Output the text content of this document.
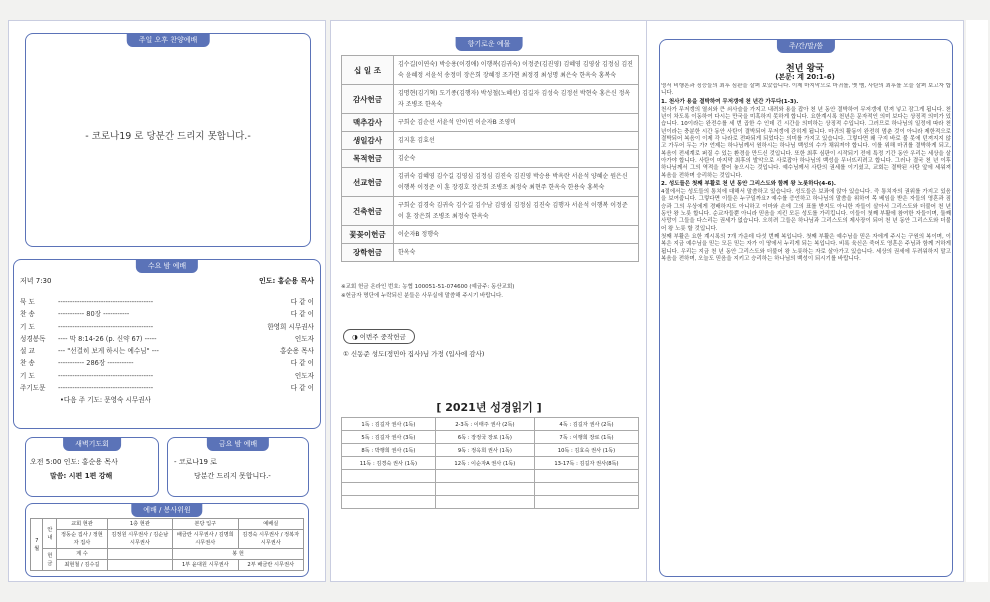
주일 오후 찬양예배
- 코로나19 로 당분간 드리지 못합니다.-
수요 밤 예배
저녁 7:30	인도: 홍순용 목사
묵 도	----------------------------------------	다 같 이
찬 송	----------- 80장 -----------	다 같 이
기 도	----------------------------------------	한영희 시무권사
성경봉독	---- 막 8:14-26 (p. 신약 67) -----	인도자
설 교	--- "선결히 보게 하시는 예수님" ---	홍순용 목사
찬 송	----------- 286장 -----------	다 같 이
기 도	----------------------------------------	인도자
주기도문	----------------------------------------	다 같 이
•다음 주 기도: 문영숙 시무권사
새벽기도회
오전 5:00 인도: 홍순용 목사
말씀: 시편 1편 강해
금요 밤 예배
- 코로나19 로
당분간 드리지 못합니다.-
예배 / 봉사위원
7월	안내	교회 현관	1층 현관	본당 입구	예배실
		정동순 집사 / 정현자 집사	김정원 시무권사 / 김순남 시무권사	배금란 시무권사 / 김명희 시무권사	김경숙 시무권사 / 정복자 시무권사
	헌금	계 수		봉 헌	
		최현철 / 김수길		1부 윤대원 시무권사	2부 배금란 시무권사
향기로운 예물
십 일 조	김수길(이연숙) 박승용(이경애) 이행복(김귀숙) 이정준(김진영) 김혜영 김영삼 김정심 김진숙 윤혜정 서윤석 송정미 장은희 장혜정 조가현 최정경 최성명 최은숙 한옥숙 홍복숙
감사헌금	김명현(김기혁) 도기종(김행자) 박성철(노혜선) 김길자 김성숙 김정선 박현숙 홍은신 정옥자 조병조 한옥숙
맥추감사	구희순 김순선 서윤석 안이연 이순자B 조영미
생일감사	김지훈 김효선
목적헌금	김순숙
선교헌금	김귀숙 김혜영 김수길 김영심 김정심 김진숙 김진영 박승용 박옥란 서윤석 양혜순 원은신 이행복 이정준 이 훈 장경호 장은희 조병조 최정숙 최현주 한옥숙 한용숙 홍복숙
건축헌금	구희순 김경숙 김귀숙 김수길 김수남 김영심 김정심 김진숙 김행자 서윤석 이행복 이정준 이 훈 장은희 조병조 최정숙 한옥숙
꽃꽂이헌금	이순자B 정행숙
장학헌금	한옥숙
※교회 헌금 온라인 번호: 농협 100051-51-074600 (예금주: 동산교회)
※헌금자 명단에 누락되신 분들은 사무실에 말씀해 주시기 바랍니다.
◑ 이번주 중작헌금
① 신동준 성도(정민아 집사)님 가정 (입사에 감사)
[ 2021년 성경읽기 ]
1독 : 김길자 권사 (1독)	2-3독 : 이태주 권사 (2독)	4독 : 김길자 권사 (2독)
5독 : 김길자 권사 (3독)	6독 : 장정국 장로 (1독)	7독 : 이행희 장로 (1독)
8독 : 박행희 권사 (1독)	9독 : 정옥희 권사 (1독)	10독 : 김효숙 권사 (1독)
11독 : 김경숙 권사 (1독)	12독 : 이순자A 권사 (1독)	13-17독 : 김길자 권사(8독)

주/간/말/씀
천년 왕국
(본문: 계 20:1-6)

영서 비행론과 징승들의 최후 심판을 살펴 보았습니다. 이제 마지막으로 마귀를, 옛 뱀, 사탄의 최후를 오늘 살펴 보고자 합니다.

1. 천사가 용을 결박하여 무저갱에 천 년간 가두다(1-3).

천사가 무저갱의 열쇠와 큰 쇠사슬을 가지고 내려와 용을 잡아 천 년 동안 결박하여 무저갱에 던져 넣고 잠그게 됩니다. 천 년이 차도록 이동하여 다시는 만국을 미혹하지 못하게 합니다. 요한계시록 천년은 문자적인 의미 보다는 상징적 의미가 있습니다. 10이라는 완전수를 세 번 곱한 수 인데 긴 시간을 의미하는 상징적 수입니다. 그러므로 하나님의 일정에 따라 천 년이라는 충분한 시간 동안 사탄이 결박되어 무저갱에 갇히게 됩니다. 마귀의 활동이 완전히 멈춘 것이 아니라 제한적으로 결박되어 복음이 이제 각 나라로 전파되게 되었다는 의미를 가지고 있습니다. 그렇다면 왜 구지 바로 불 못에 던져지지 않고 가두어 두는 가? 언제는 하나님께서 원하시는 하나님 백성의 수가 채워져야 합니다. 이를 위해 마귀를 결박하게 되고, 복음이 전세계로 퍼질 수 있는 환경을 만드신 것입니다. 또한 최후 심판이 시작되기 전에 특정 기간 동안 우리는 세상을 살아가야 합니다. 사탄이 마지막 최후의 발악으로 사로잡아 하나님의 백성을 무너뜨리려고 합니다. 그러나 결국 천 년 이후 하나님께서 그의 역적을 풀어 놓으시는 것입니다. 예수님께서 사탄의 권세를 이기셨고, 교회는 결박된 사탄 앞에 세워져 복음을 전하며 승리하는 것입니다.

2. 성도들은 첫째 부활로 천 년 동안 그리스도와 함께 왕 노릇하다(4-6).

4절에서는 성도들의 통치에 대해서 말씀하고 있습니다. 성도들은 보좌에 앉아 있습니다. 즉 통치자의 권위를 가지고 있음을 보여줍니다. 그렇다면 이들은 누구일까요? 예수를 증언하고 하나님의 말씀을 위하여 목 베임을 받은 자들의 영혼과 짐승과 그의 우상에게 경배하지도 아니하고 이마와 손에 그의 표를 받지도 아니한 자들이 살아서 그리스도와 더불어 천 년 동안 왕 노릇 합니다. 순교자들뿐 아니라 믿음을 지킨 모든 성도를 가리킵니다. 이들이 첫째 부활에 참여한 자들이며, 둘째 사망이 그들을 다스리는 권세가 없습니다. 오히려 그들은 하나님과 그리스도의 제사장이 되어 천 년 동안 그리스도와 더불어 왕 노릇 할 것입니다.

첫째 부활은 요한 계시록의 7개 가운데 다섯 번째 복입니다. 첫째 부활은 예수님을 믿은 자에게 주시는 구원의 복이며, 이 복은 지금 예수님을 믿는 모든 믿는 자가 이 땅에서 누리게 되는 복입니다. 비록 육신은 죽어도 영혼은 주님과 함께 거하게 됩니다. 우리는 지금 천 년 동안 그리스도와 더불어 왕 노릇하는 자로 살아가고 있습니다. 세상의 권세에 두려워하지 말고 복음을 전하며, 오늘도 믿음을 지키고 승리하는 하나님의 백성이 되시기를 바랍니다.
